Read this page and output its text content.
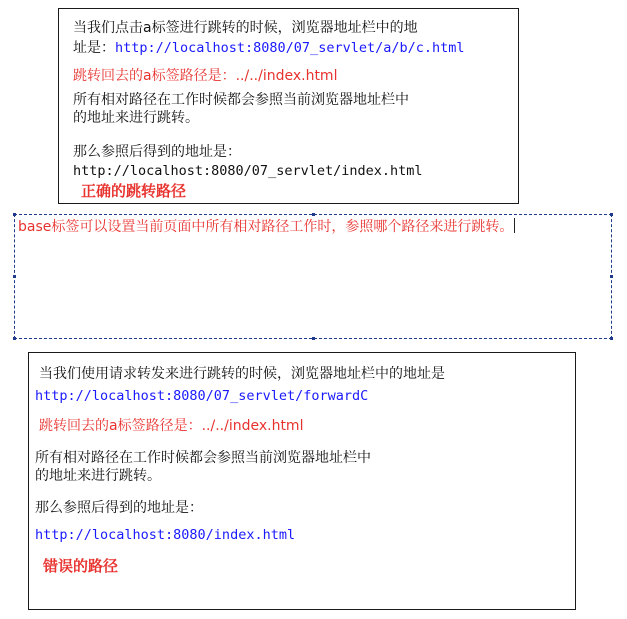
当我们点击a标签进行跳转的时候，浏览器地址栏中的地
址是：http://localhost:8080/07_servlet/a/b/c.html
跳转回去的a标签路径是：../../index.html
所有相对路径在工作时候都会参照当前浏览器地址栏中
的地址来进行跳转。
那么参照后得到的地址是：
http://localhost:8080/07_servlet/index.html
正确的跳转路径
base标签可以设置当前页面中所有相对路径工作时，参照哪个路径来进行跳转。
当我们使用请求转发来进行跳转的时候，浏览器地址栏中的地址是
http://localhost:8080/07_servlet/forwardC
跳转回去的a标签路径是：../../index.html
所有相对路径在工作时候都会参照当前浏览器地址栏中
的地址来进行跳转。
那么参照后得到的地址是：
http://localhost:8080/index.html
错误的路径
